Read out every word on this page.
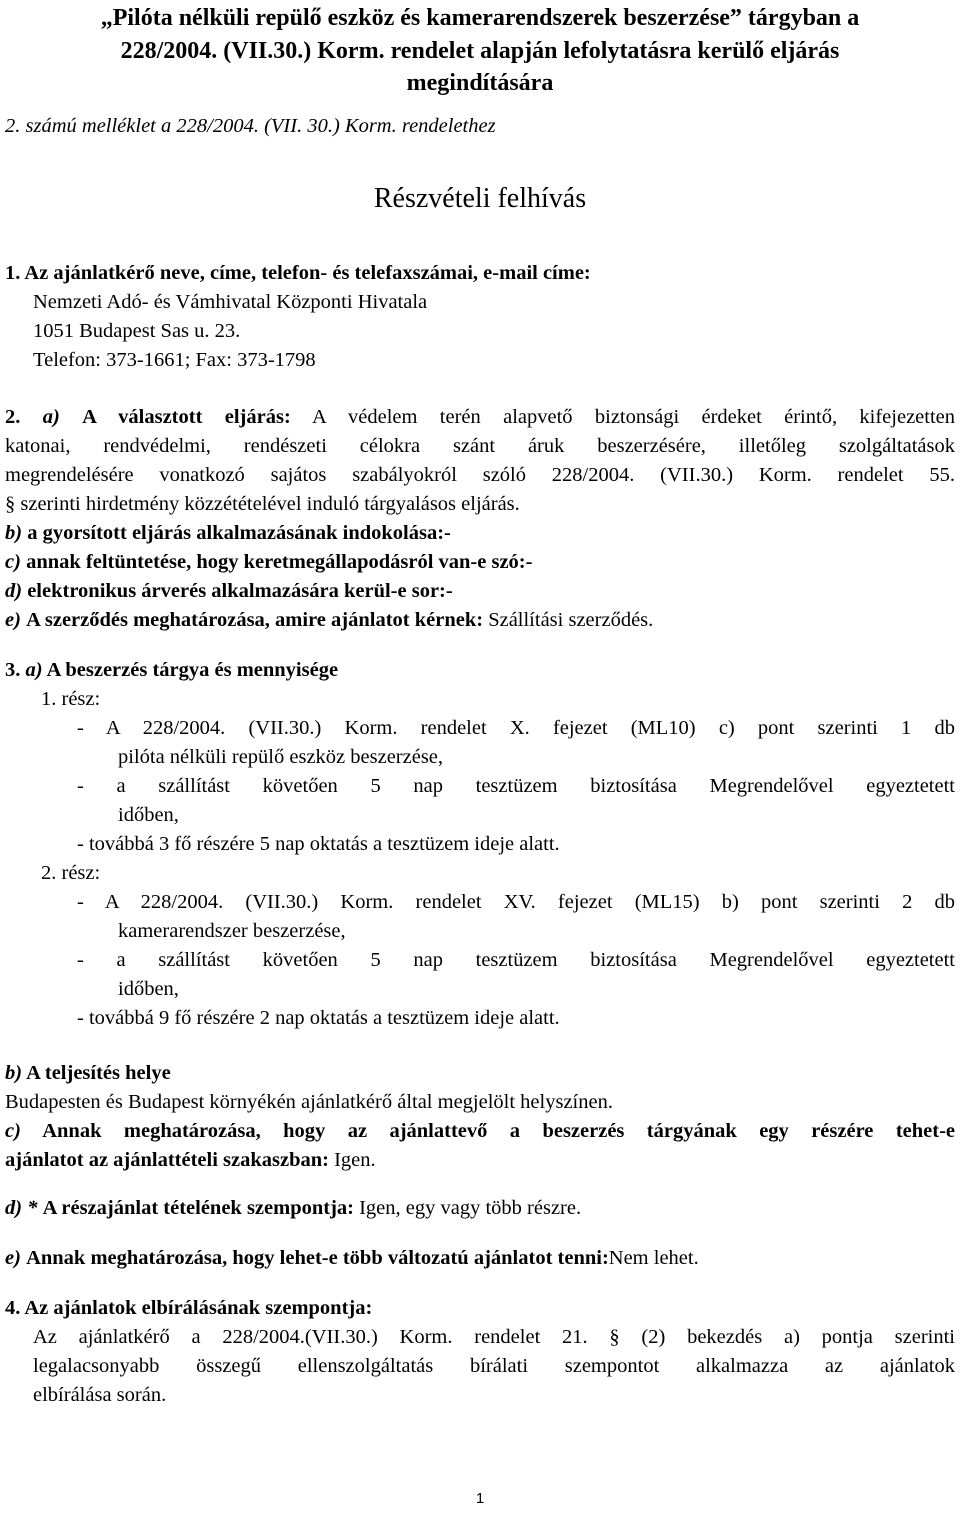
„Pilóta nélküli repülő eszköz és kamerarendszerek beszerzése” tárgyban a
228/2004. (VII.30.) Korm. rendelet alapján lefolytatásra kerülő eljárás
megindítására
2. számú melléklet a 228/2004. (VII. 30.) Korm. rendelethez
Részvételi felhívás
1. Az ajánlatkérő neve, címe, telefon- és telefaxszámai, e-mail címe:
Nemzeti Adó- és Vámhivatal Központi Hivatala
1051 Budapest Sas u. 23.
Telefon: 373-1661; Fax: 373-1798
2. a) A választott eljárás: A védelem terén alapvető biztonsági érdeket érintő, kifejezetten
katonai, rendvédelmi, rendészeti célokra szánt áruk beszerzésére, illetőleg szolgáltatások
megrendelésére vonatkozó sajátos szabályokról szóló 228/2004. (VII.30.) Korm. rendelet 55.
§ szerinti hirdetmény közzétételével induló tárgyalásos eljárás.
b) a gyorsított eljárás alkalmazásának indokolása:-
c) annak feltüntetése, hogy keretmegállapodásról van-e szó:-
d) elektronikus árverés alkalmazására kerül-e sor:-
e) A szerződés meghatározása, amire ajánlatot kérnek: Szállítási szerződés.
3. a) A beszerzés tárgya és mennyisége
1. rész:
- A 228/2004. (VII.30.) Korm. rendelet X. fejezet (ML10) c) pont szerinti 1 db
pilóta nélküli repülő eszköz beszerzése,
- a szállítást követően 5 nap tesztüzem biztosítása Megrendelővel egyeztetett
időben,
- továbbá 3 fő részére 5 nap oktatás a tesztüzem ideje alatt.
2. rész:
- A 228/2004. (VII.30.) Korm. rendelet XV. fejezet (ML15) b) pont szerinti 2 db
kamerarendszer beszerzése,
- a szállítást követően 5 nap tesztüzem biztosítása Megrendelővel egyeztetett
időben,
- továbbá 9 fő részére 2 nap oktatás a tesztüzem ideje alatt.
b) A teljesítés helye
Budapesten és Budapest környékén ajánlatkérő által megjelölt helyszínen.
c) Annak meghatározása, hogy az ajánlattevő a beszerzés tárgyának egy részére tehet-e
ajánlatot az ajánlattételi szakaszban: Igen.
d) * A részajánlat tételének szempontja: Igen, egy vagy több részre.
e) Annak meghatározása, hogy lehet-e több változatú ajánlatot tenni:Nem lehet.
4. Az ajánlatok elbírálásának szempontja:
Az ajánlatkérő a 228/2004.(VII.30.) Korm. rendelet 21. § (2) bekezdés a) pontja szerinti
legalacsonyabb összegű ellenszolgáltatás bírálati szempontot alkalmazza az ajánlatok
elbírálása során.
1
